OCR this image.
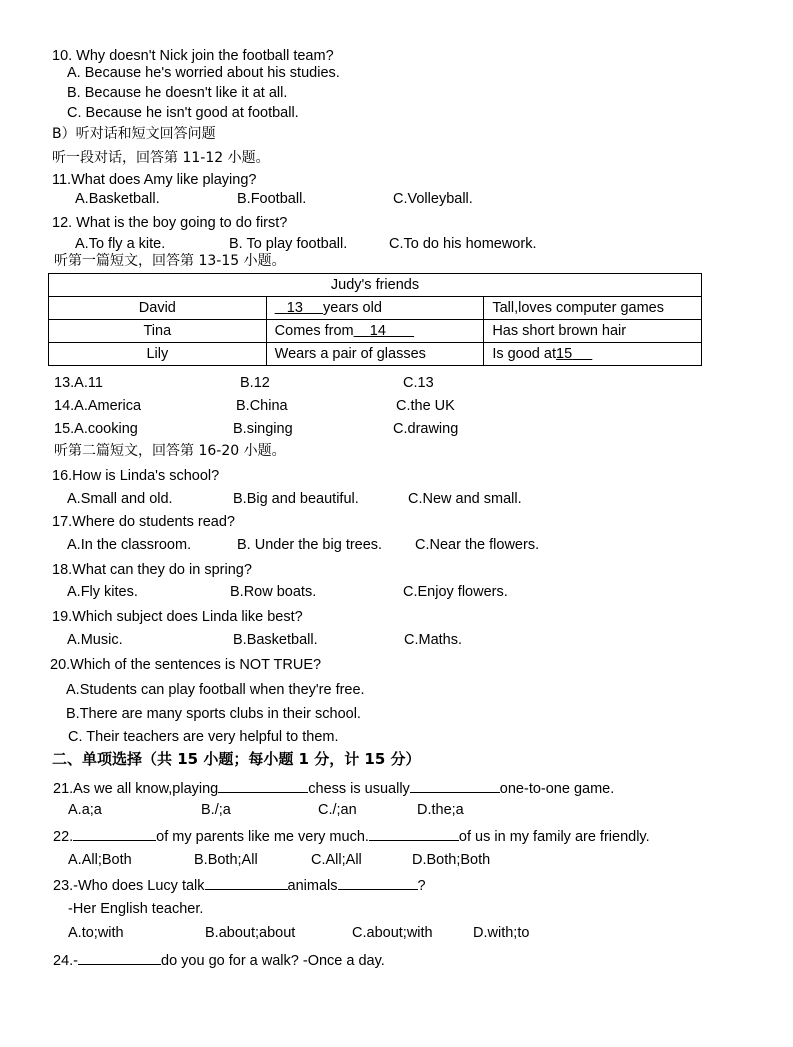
10. Why doesn't Nick join the football team?
A. Because he's worried about his studies.
B. Because he doesn't like it at all.
C. Because he isn't good at football.
B）听对话和短文回答问题
听一段对话，回答第 11-12 小题。
11.What does Amy like playing?
A.Basketball.	B.Football.	C.Volleyball.
12. What is the boy going to do first?
A.To fly a kite.	B. To play football.	C.To do his homework.
听第一篇短文，回答第 13-15 小题。
Judy's friends		
David	13 years old	Tall,loves computer games
Tina	Comes from 14	Has short brown hair
Lily	Wears a pair of glasses	Is good at15
13.A.11	B.12	C.13
14.A.America	B.China	C.the UK
15.A.cooking	B.singing	C.drawing
听第二篇短文，回答第 16-20 小题。
16.How is Linda's school?
A.Small and old.	B.Big and beautiful.	C.New and small.
17.Where do students read?
A.In the classroom.	B. Under the big trees. C.Near the flowers.
18.What can they do in spring?
A.Fly kites.	B.Row boats.	C.Enjoy flowers.
19.Which subject does Linda like best?
A.Music.	B.Basketball.	C.Maths.
20.Which of the sentences is NOT TRUE?
A.Students can play football when they're free.
B.There are many sports clubs in their school.
C. Their teachers are very helpful to them.
二、单项选择（共 15 小题；每小题 1 分，计 15 分）
21.As we all know,playing	chess is usually	one-to-one game.
A.a;a	B./;a	C./;an	D.the;a
22.	of my parents like me very much.	of us in my family are friendly.
A.All;Both	B.Both;All	C.All;All	D.Both;Both
23.-Who does Lucy talk	animals	?
-Her English teacher.
A.to;with	B.about;about	C.about;with	D.with;to
24.-	do you go for a walk? -Once a day.
